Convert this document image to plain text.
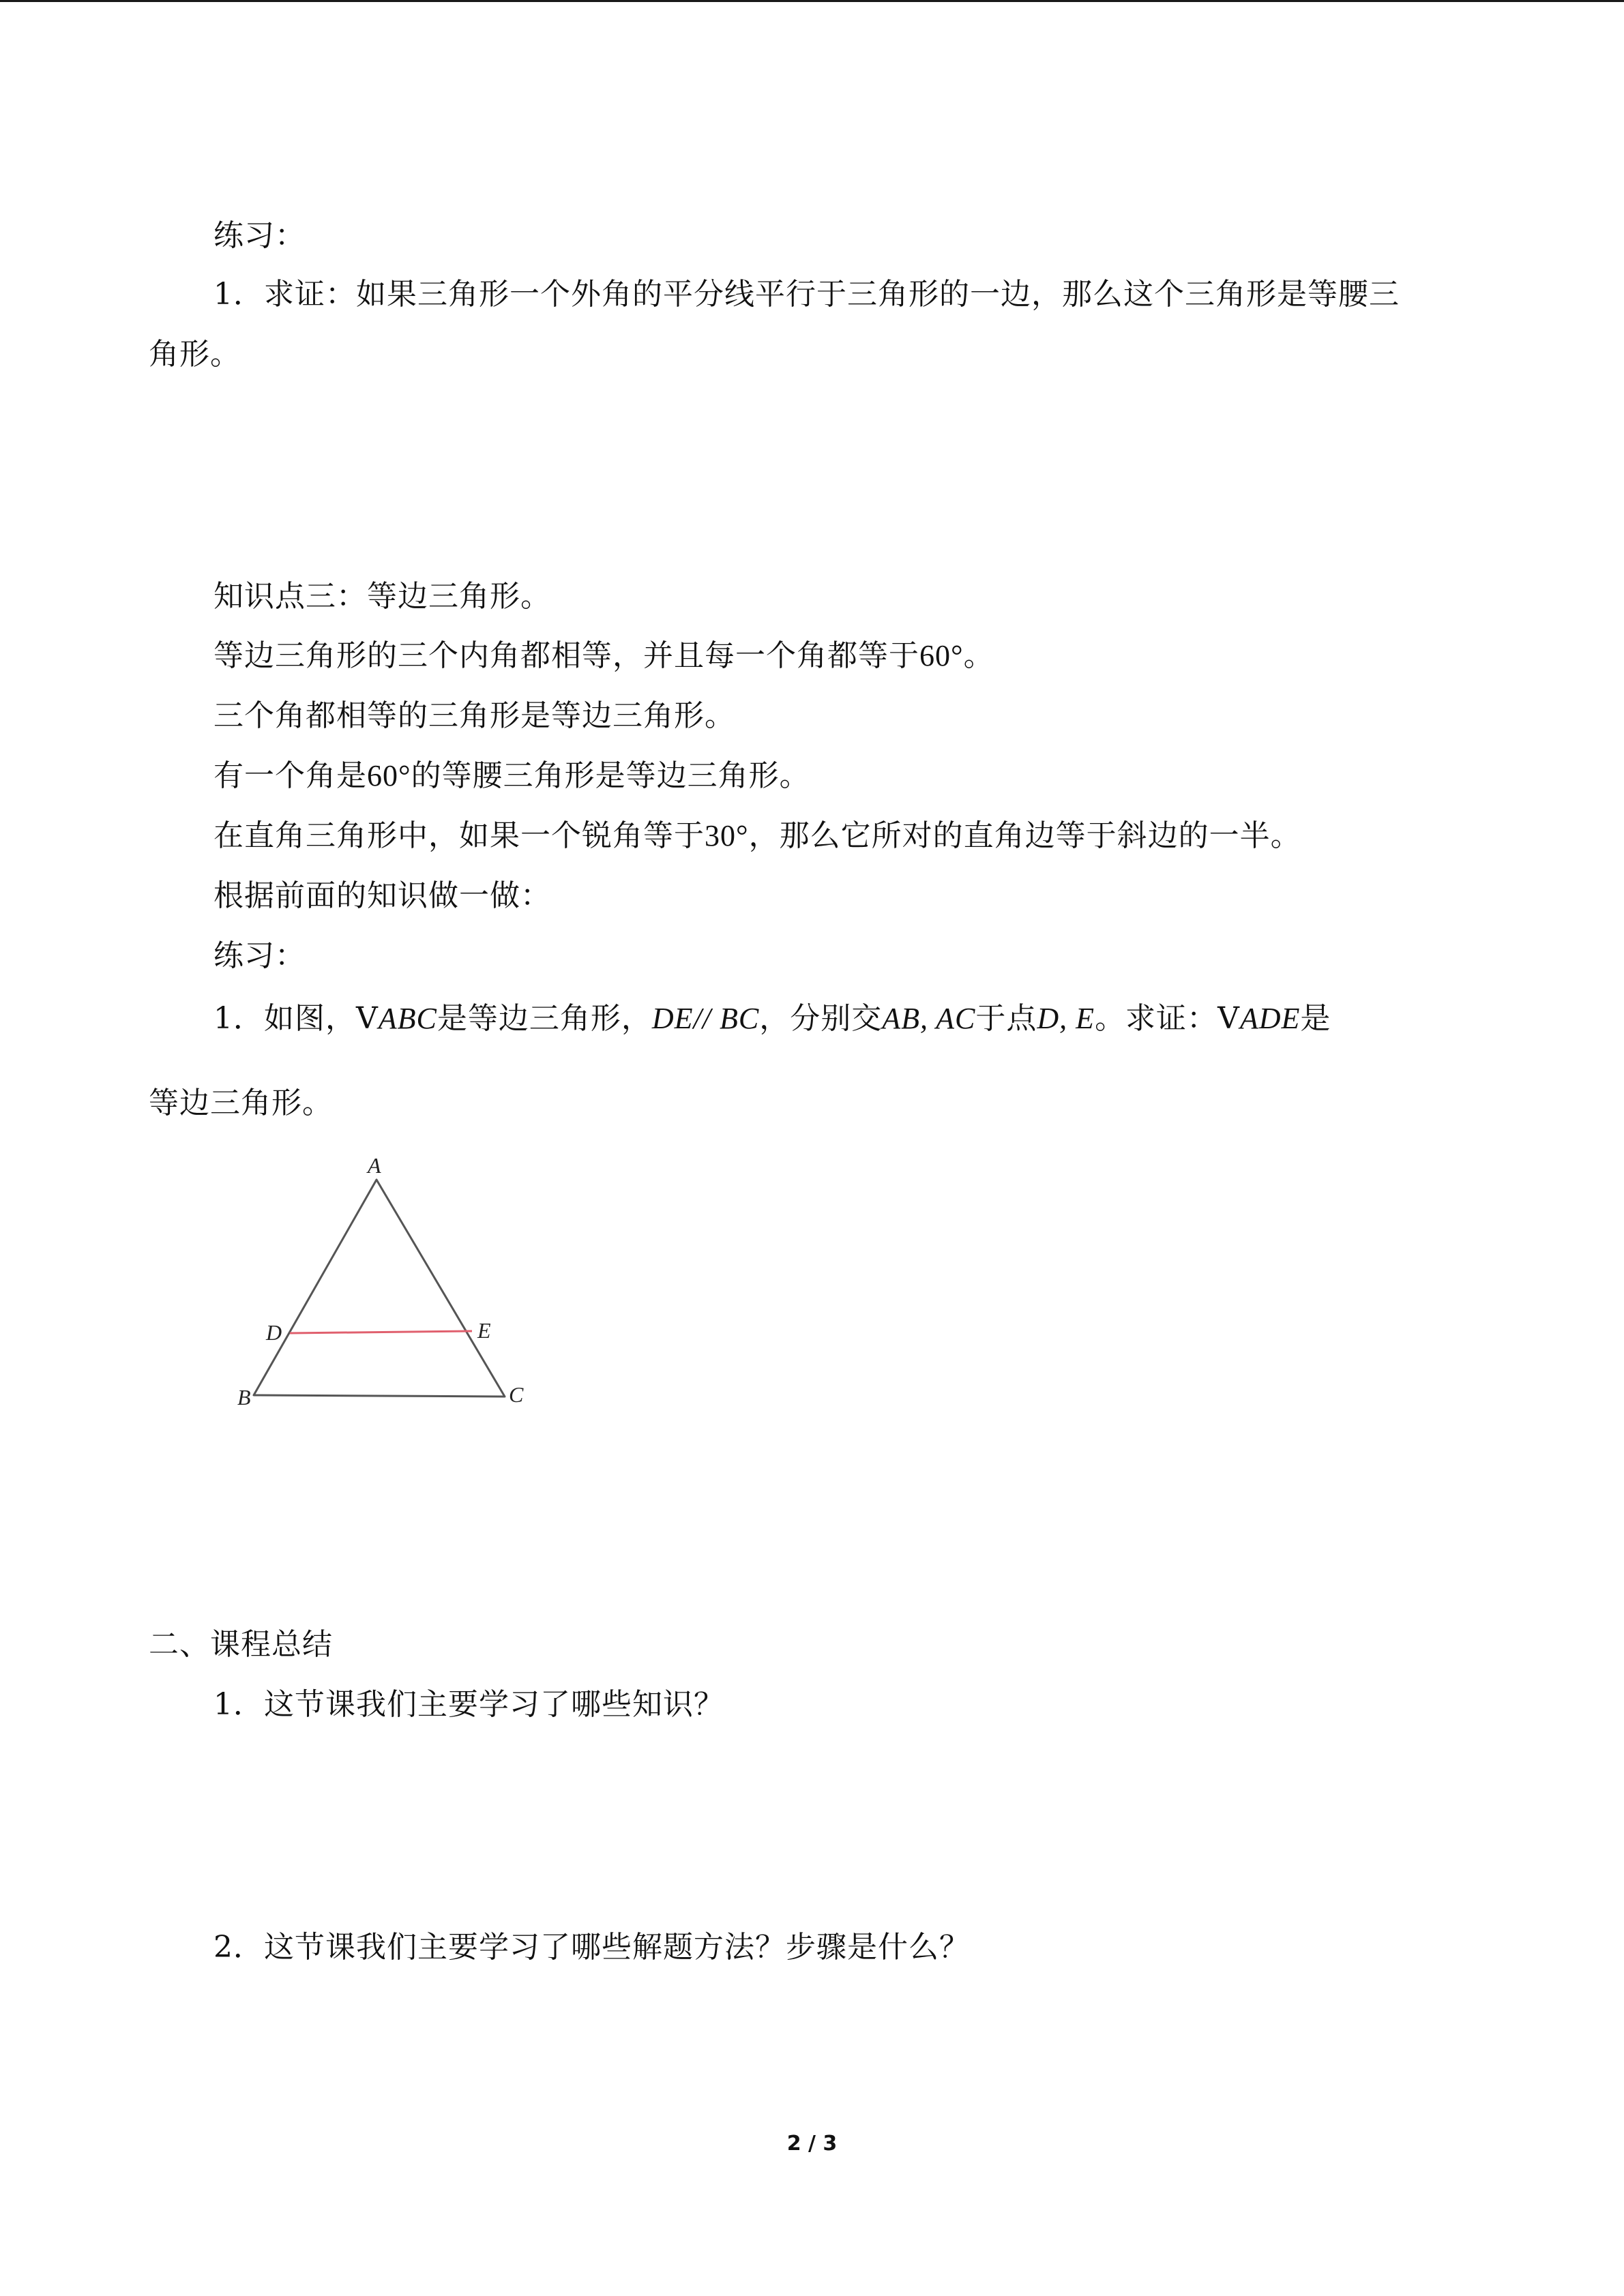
练习：
1．求证：如果三角形一个外角的平分线平行于三角形的一边，那么这个三角形是等腰三
角形。
知识点三：等边三角形。
等边三角形的三个内角都相等，并且每一个角都等于60°。
三个角都相等的三角形是等边三角形。
有一个角是60°的等腰三角形是等边三角形。
在直角三角形中，如果一个锐角等于30°，那么它所对的直角边等于斜边的一半。
根据前面的知识做一做：
练习：
1．如图，VABC是等边三角形，DE// BC，分别交AB, AC于点D, E。求证：VADE是
等边三角形。
A
D	E
B	C
二、课程总结
1．这节课我们主要学习了哪些知识？
2．这节课我们主要学习了哪些解题方法？步骤是什么？
2 / 3
